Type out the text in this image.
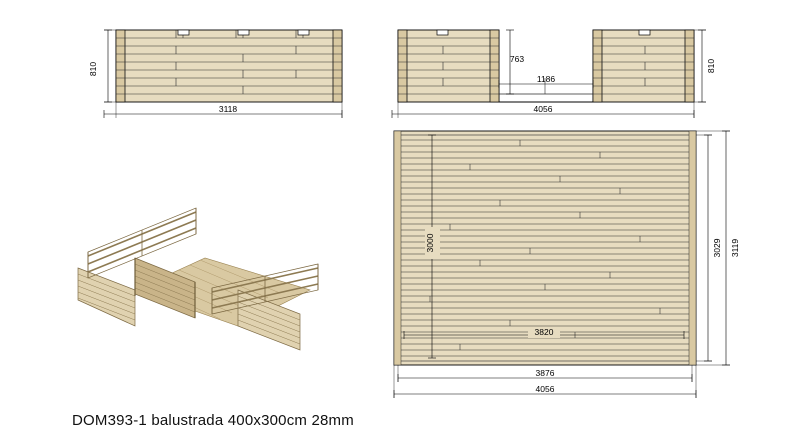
810
3118
763
1186
810
4056
3000
3820
3029 3119
3876
4056
DOM393-1 balustrada 400x300cm 28mm
